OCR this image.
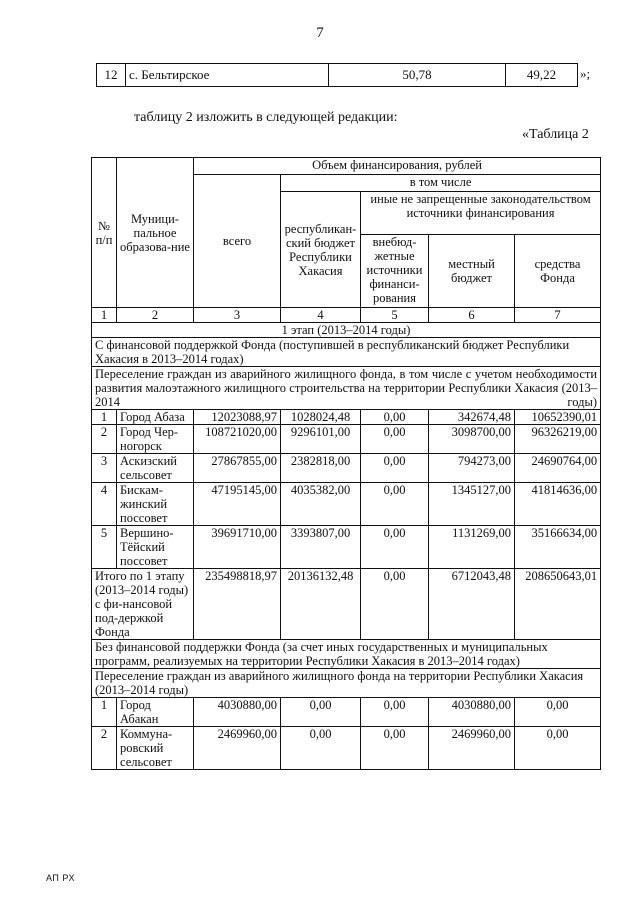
7
12	с. Бельтирское	50,78	49,22 »;
таблицу 2 изложить в следующей редакции:
«Таблица 2
№ п/п	Муници-пальное образова-ние	Объем финансирования, рублей				
		всего	в том числе			
			республикан-ский бюджет Республики Хакасия	иные не запрещенные законодательством источники финансирования		
				внебюд-жетные источники финанси-рования	местный бюджет	средства Фонда
1	2	3	4	5	6	7
1 этап (2013–2014 годы)						
С финансовой поддержкой Фонда (поступившей в республиканский бюджет Республики Хакасия в 2013–2014 годах)						
Переселение граждан из аварийного жилищного фонда, в том числе с учетом необходимости развития малоэтажного жилищного строительства на территории Республики Хакасия (2013–2014 годы)						
1	Город Абаза	12023088,97	1028024,48	0,00	342674,48	10652390,01
2	Город Чер-ногорск	108721020,00	9296101,00	0,00	3098700,00	96326219,00
3	Аскизский сельсовет	27867855,00	2382818,00	0,00	794273,00	24690764,00
4	Бискам-жинский поссовет	47195145,00	4035382,00	0,00	1345127,00	41814636,00
5	Вершино-Тёйский поссовет	39691710,00	3393807,00	0,00	1131269,00	35166634,00
Итого по 1 этапу (2013–2014 годы) с фи-нансовой под-держкой Фонда		235498818,97	20136132,48	0,00	6712043,48	208650643,01
Без финансовой поддержки Фонда (за счет иных государственных и муниципальных программ, реализуемых на территории Республики Хакасия в 2013–2014 годах)						
Переселение граждан из аварийного жилищного фонда на территории Республики Хакасия (2013–2014 годы)						
1	Город Абакан	4030880,00	0,00	0,00	4030880,00	0,00
2	Коммуна-ровский сельсовет	2469960,00	0,00	0,00	2469960,00	0,00
АП РХ
